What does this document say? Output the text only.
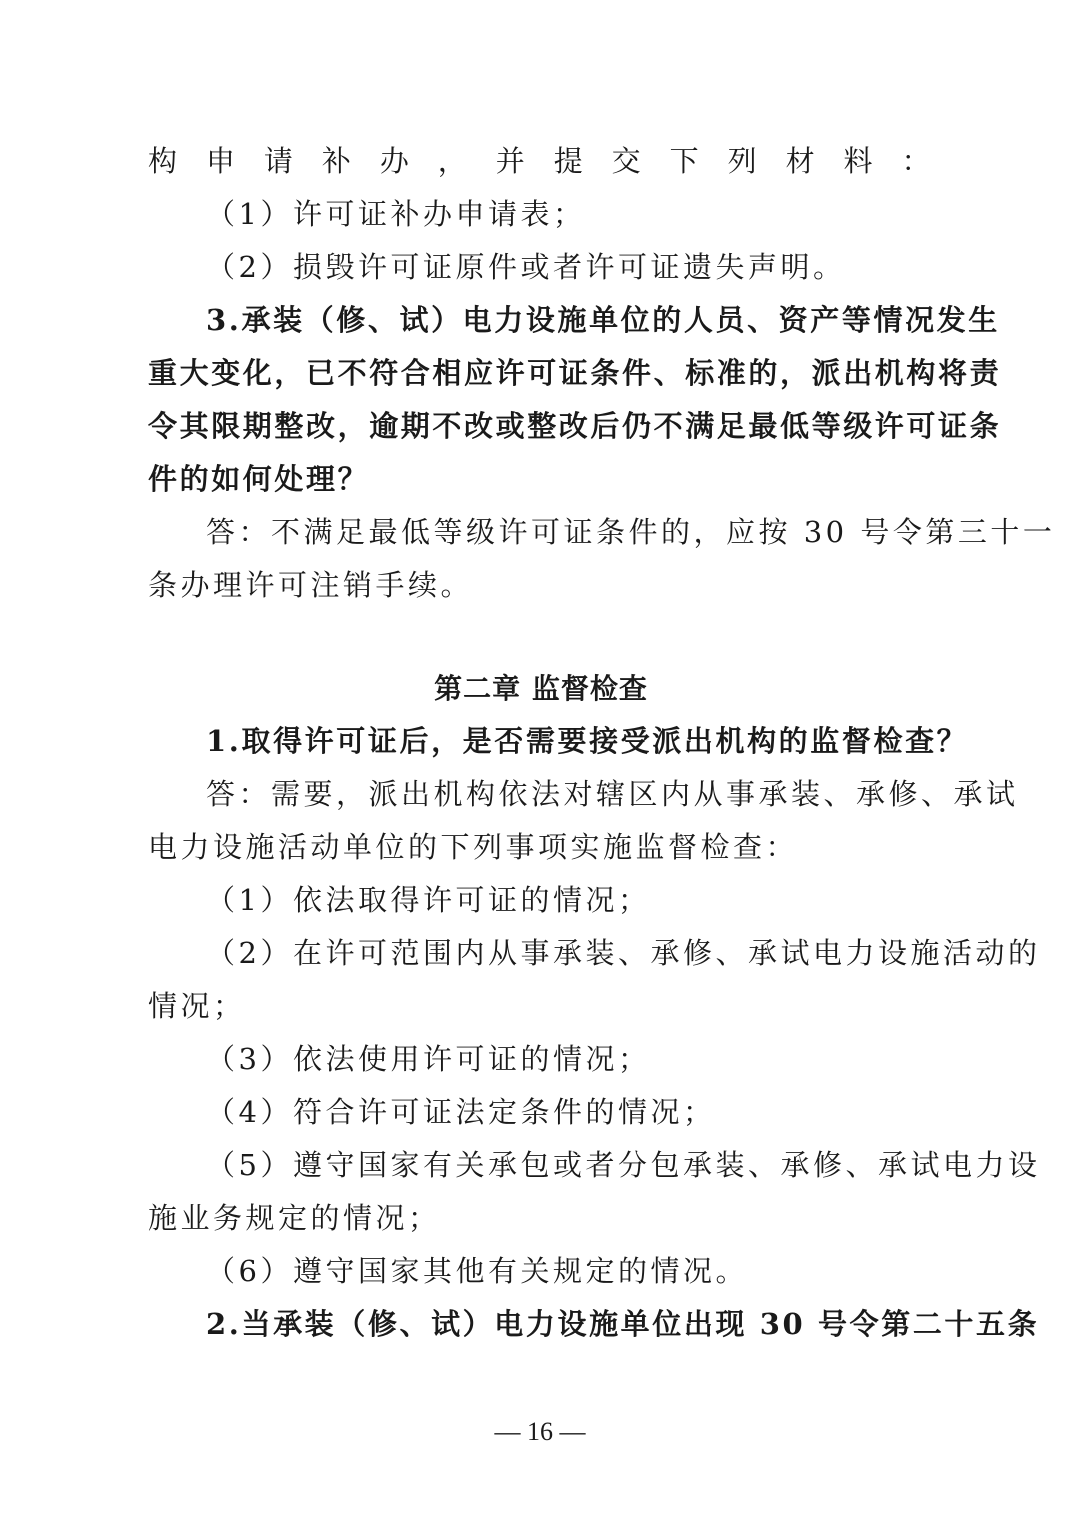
构申请补办，并提交下列材料：
（1）许可证补办申请表；
（2）损毁许可证原件或者许可证遗失声明。
3.承装（修、试）电力设施单位的人员、资产等情况发生
重大变化，已不符合相应许可证条件、标准的，派出机构将责
令其限期整改，逾期不改或整改后仍不满足最低等级许可证条
件的如何处理？
答：不满足最低等级许可证条件的，应按 30 号令第三十一
条办理许可注销手续。
第二章 监督检查
1.取得许可证后，是否需要接受派出机构的监督检查？
答：需要，派出机构依法对辖区内从事承装、承修、承试
电力设施活动单位的下列事项实施监督检查：
（1）依法取得许可证的情况；
（2）在许可范围内从事承装、承修、承试电力设施活动的
情况；
（3）依法使用许可证的情况；
（4）符合许可证法定条件的情况；
（5）遵守国家有关承包或者分包承装、承修、承试电力设
施业务规定的情况；
（6）遵守国家其他有关规定的情况。
2.当承装（修、试）电力设施单位出现 30 号令第二十五条
— 16 —
